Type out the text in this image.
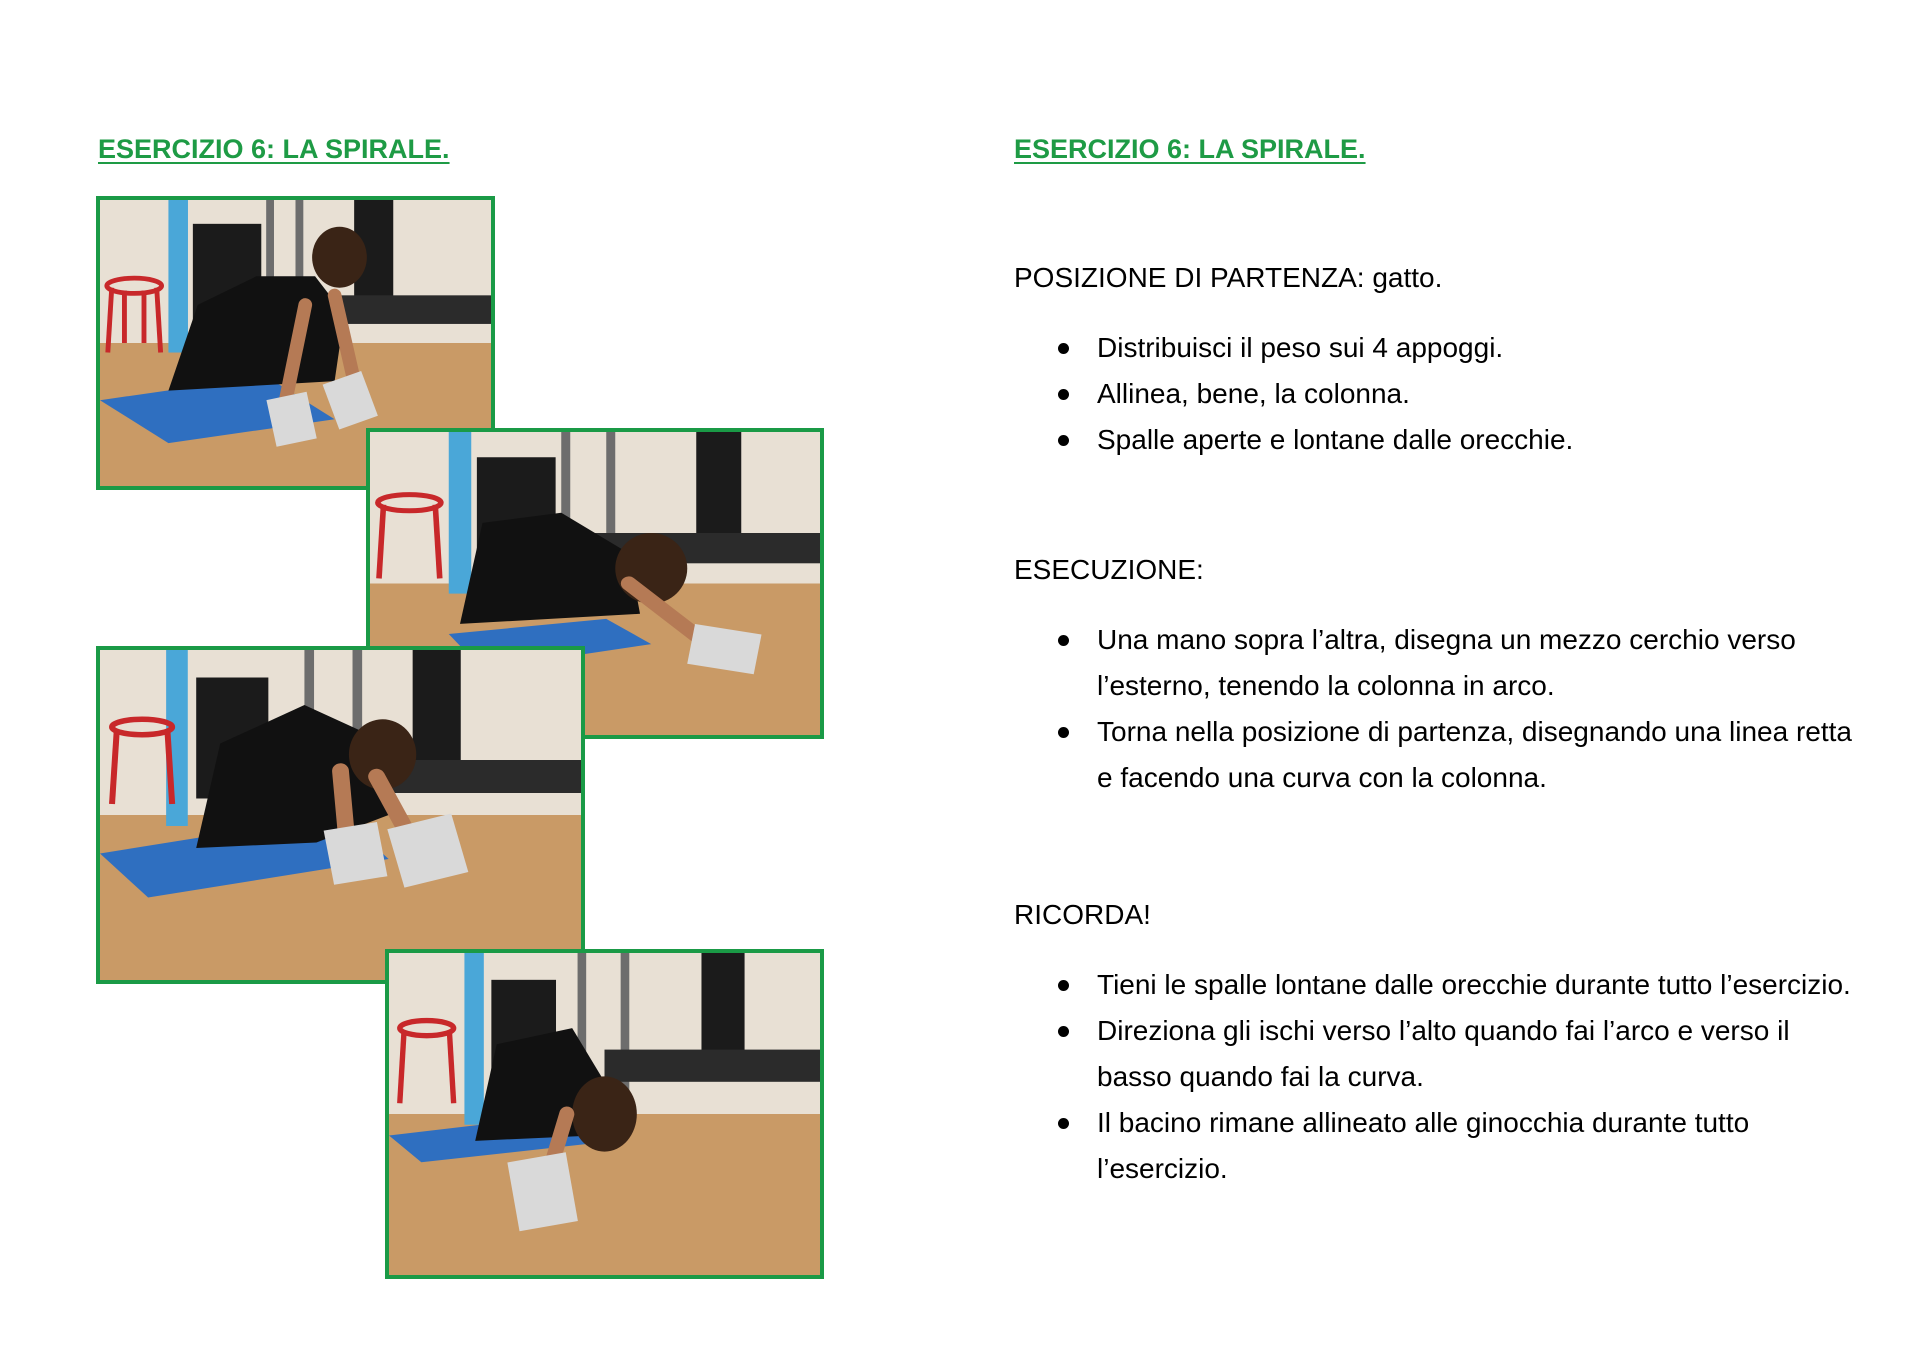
ESERCIZIO 6: LA SPIRALE.	ESERCIZIO 6: LA SPIRALE.

POSIZIONE DI PARTENZA: gatto.

Distribuisci il peso sui 4 appoggi.
Allinea, bene, la colonna.
Spalle aperte e lontane dalle orecchie.

ESECUZIONE:

Una mano sopra l’altra, disegna un mezzo cerchio verso l’esterno, tenendo la colonna in arco.
Torna nella posizione di partenza, disegnando una linea retta e facendo una curva con la colonna.

RICORDA!

Tieni le spalle lontane dalle orecchie durante tutto l’esercizio.
Direziona gli ischi verso l’alto quando fai l’arco e verso il basso quando fai la curva.
Il bacino rimane allineato alle ginocchia durante tutto l’esercizio.
